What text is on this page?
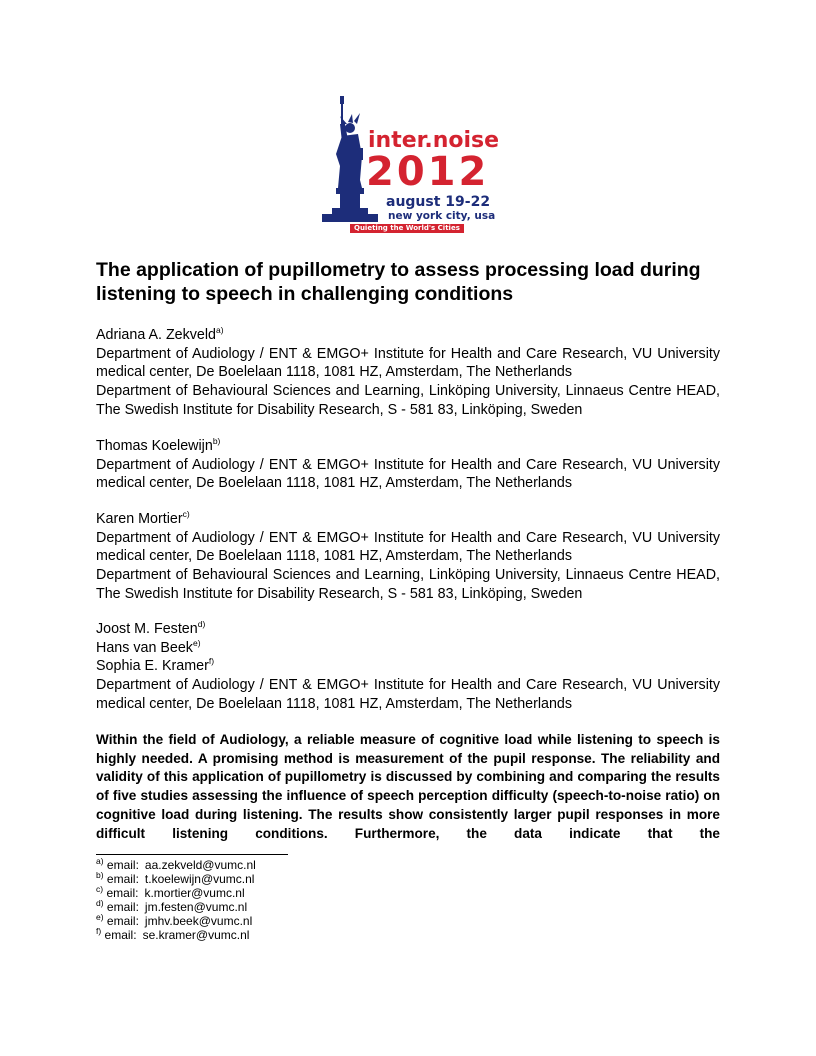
inter.noise
2012
august 19-22
new york city, usa
Quieting the World's Cities
The application of pupillometry to assess processing load during listening to speech in challenging conditions

Adriana A. Zekveld$^{a)}$

Department of Audiology / ENT & EMGO+ Institute for Health and Care Research, VU University medical center, De Boelelaan 1118, 1081 HZ, Amsterdam, The Netherlands

Department of Behavioural Sciences and Learning, Linköping University, Linnaeus Centre HEAD, The Swedish Institute for Disability Research, S - 581 83, Linköping, Sweden

Thomas Koelewijn$^{b)}$

Department of Audiology / ENT & EMGO+ Institute for Health and Care Research, VU University medical center, De Boelelaan 1118, 1081 HZ, Amsterdam, The Netherlands

Karen Mortier$^{c)}$

Department of Audiology / ENT & EMGO+ Institute for Health and Care Research, VU University medical center, De Boelelaan 1118, 1081 HZ, Amsterdam, The Netherlands

Department of Behavioural Sciences and Learning, Linköping University, Linnaeus Centre HEAD, The Swedish Institute for Disability Research, S - 581 83, Linköping, Sweden

Joost M. Festen$^{d)}$

Hans van Beek$^{e)}$

Sophia E. Kramer$^{f)}$

Department of Audiology / ENT & EMGO+ Institute for Health and Care Research, VU University medical center, De Boelelaan 1118, 1081 HZ, Amsterdam, The Netherlands

Within the field of Audiology, a reliable measure of cognitive load while listening to speech is highly needed. A promising method is measurement of the pupil response. The reliability and validity of this application of pupillometry is discussed by combining and comparing the results of five studies assessing the influence of speech perception difficulty (speech-to-noise ratio) on cognitive load during listening. The results show consistently larger pupil responses in more difficult listening conditions. Furthermore, the data indicate that the

$^{a)}$ email: aa.zekveld@vumc.nl
$^{b)}$ email: t.koelewijn@vumc.nl
$^{c)}$ email: k.mortier@vumc.nl
$^{d)}$ email: jm.festen@vumc.nl
$^{e)}$ email: jmhv.beek@vumc.nl
$^{f)}$ email: se.kramer@vumc.nl
